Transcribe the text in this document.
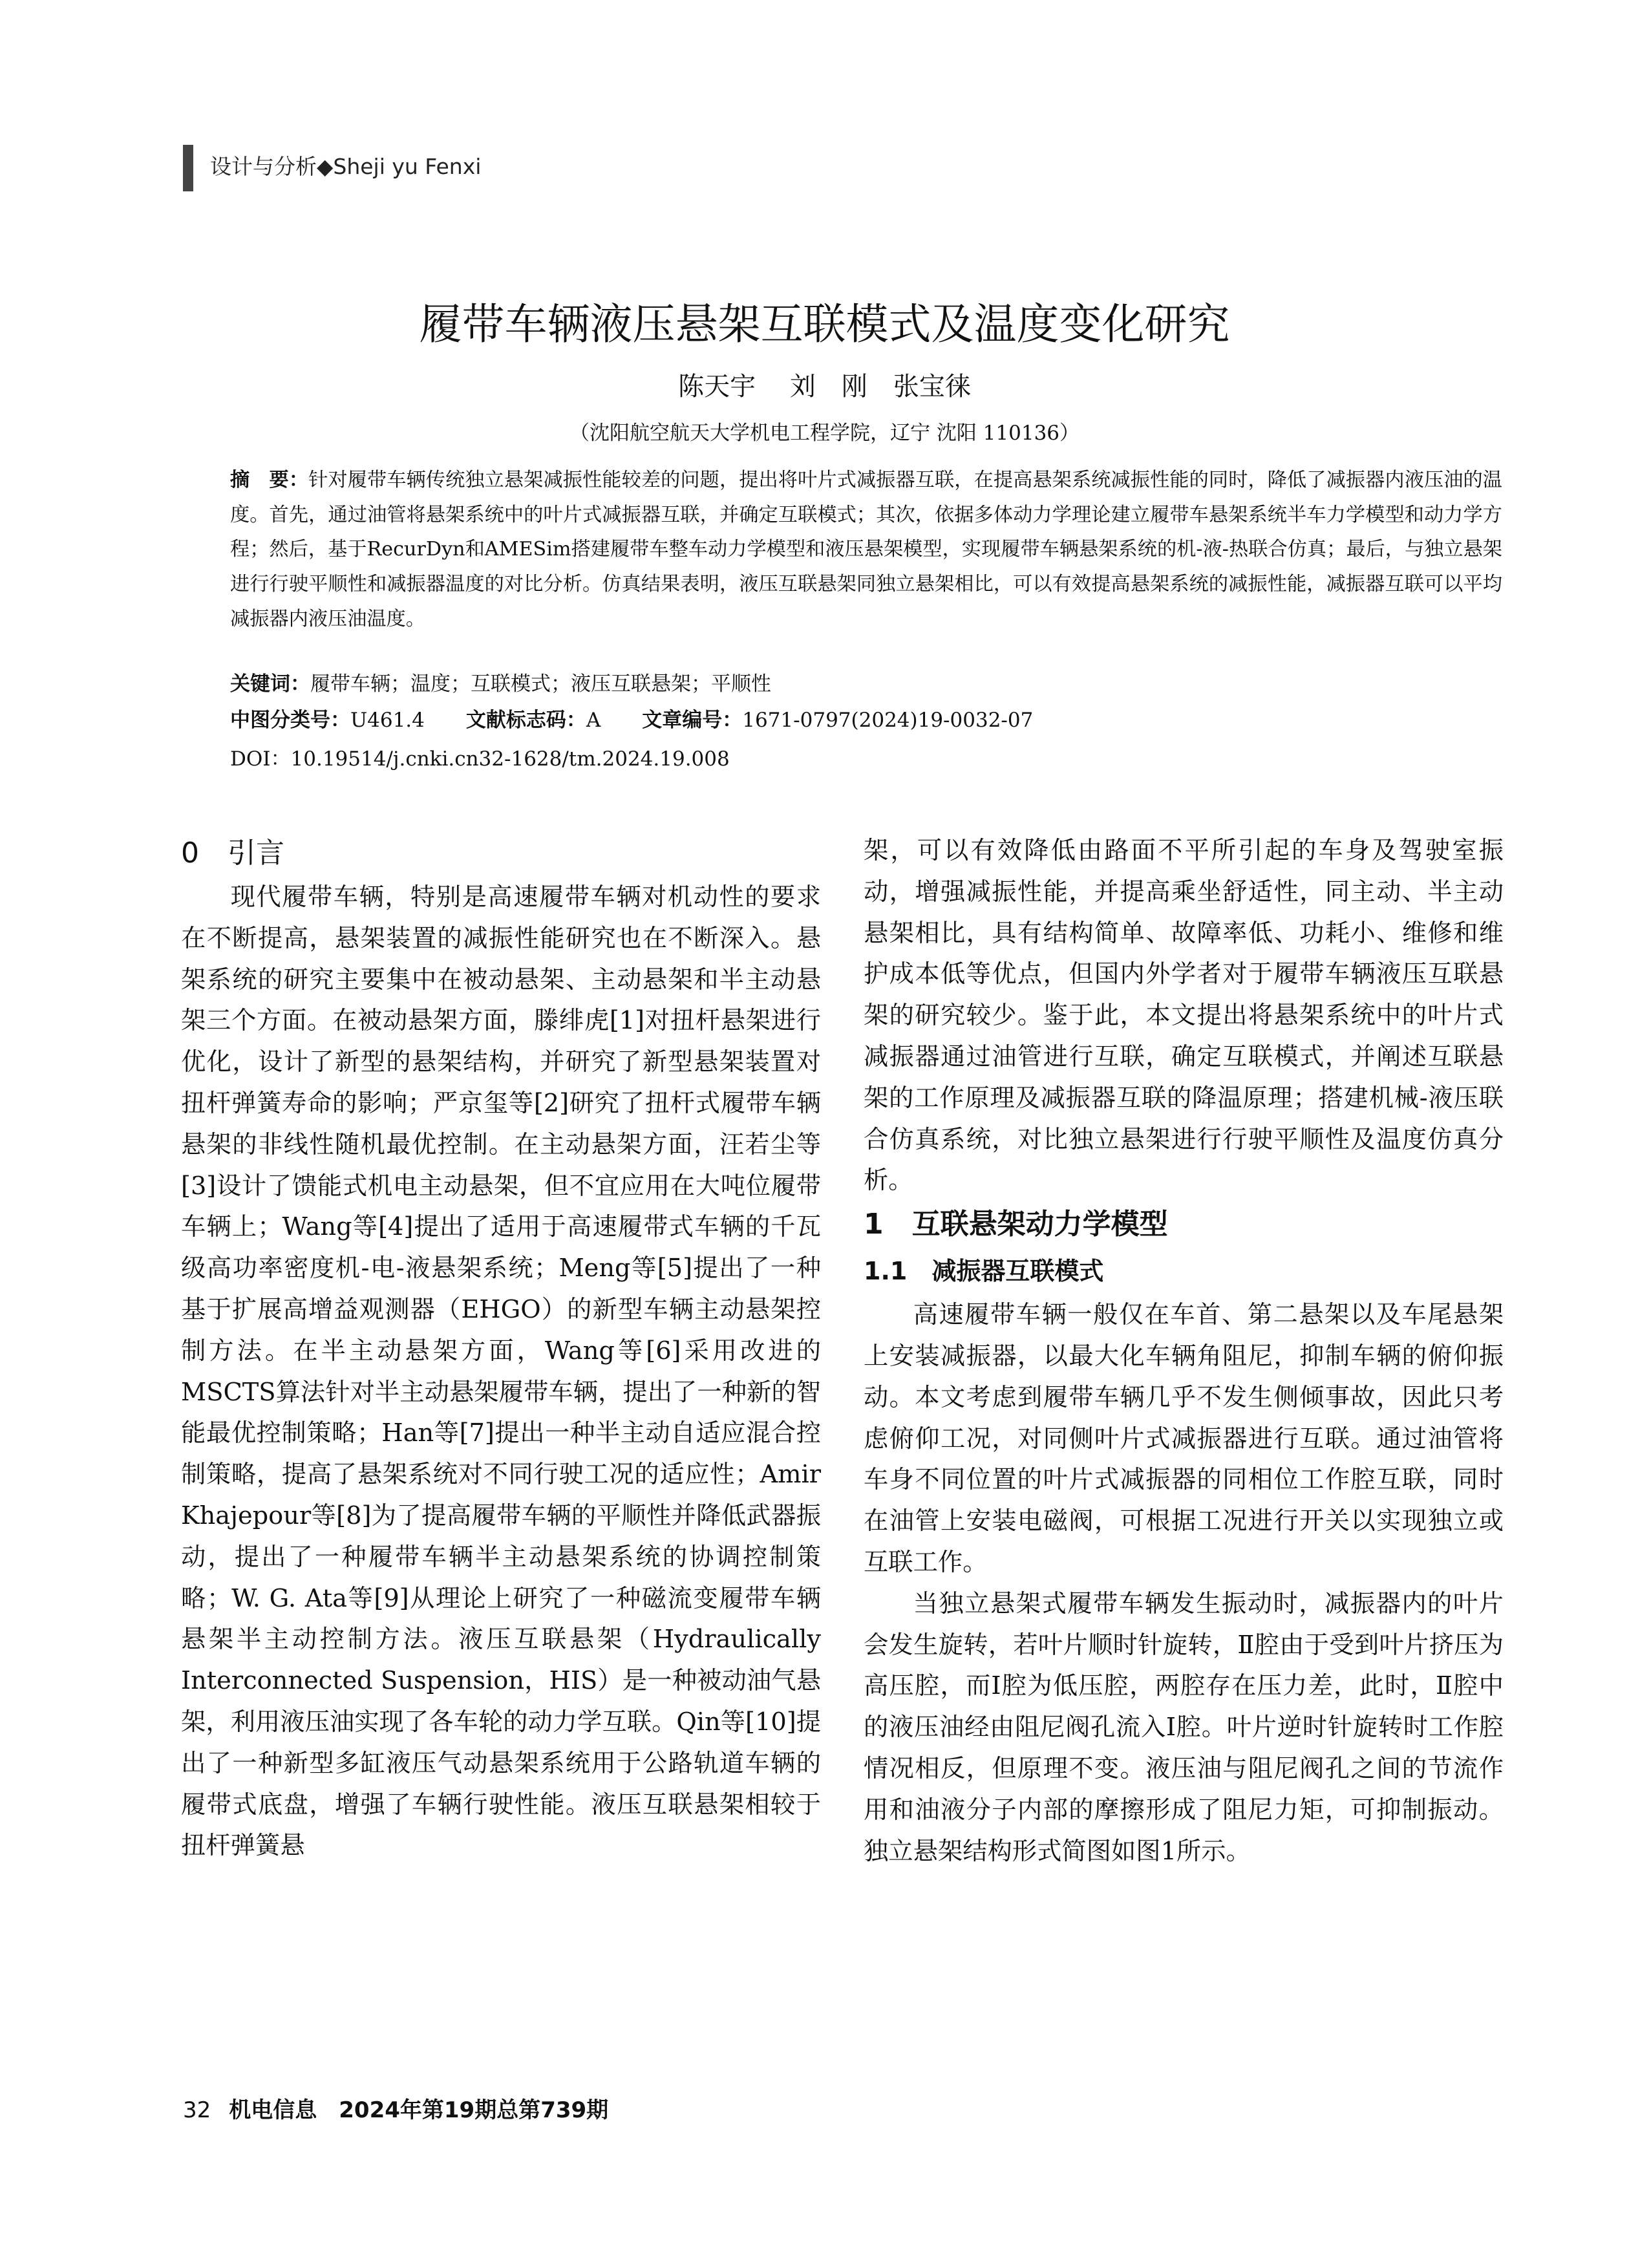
设计与分析◆Sheji yu Fenxi
履带车辆液压悬架互联模式及温度变化研究
陈天宇　 刘　刚　张宝徕
（沈阳航空航天大学机电工程学院，辽宁 沈阳 110136）
摘　要：针对履带车辆传统独立悬架减振性能较差的问题，提出将叶片式减振器互联，在提高悬架系统减振性能的同时，降低了减振器内液压油的温度。首先，通过油管将悬架系统中的叶片式减振器互联，并确定互联模式；其次，依据多体动力学理论建立履带车悬架系统半车力学模型和动力学方程；然后，基于RecurDyn和AMESim搭建履带车整车动力学模型和液压悬架模型，实现履带车辆悬架系统的机-液-热联合仿真；最后，与独立悬架进行行驶平顺性和减振器温度的对比分析。仿真结果表明，液压互联悬架同独立悬架相比，可以有效提高悬架系统的减振性能，减振器互联可以平均减振器内液压油温度。
关键词：履带车辆；温度；互联模式；液压互联悬架；平顺性
中图分类号：U461.4 文献标志码：A 文章编号：1671-0797(2024)19-0032-07
DOI：10.19514/j.cnki.cn32-1628/tm.2024.19.008
0　引言

现代履带车辆，特别是高速履带车辆对机动性的要求在不断提高，悬架装置的减振性能研究也在不断深入。悬架系统的研究主要集中在被动悬架、主动悬架和半主动悬架三个方面。在被动悬架方面，滕绯虎[1]对扭杆悬架进行优化，设计了新型的悬架结构，并研究了新型悬架装置对扭杆弹簧寿命的影响；严京玺等[2]研究了扭杆式履带车辆悬架的非线性随机最优控制。在主动悬架方面，汪若尘等[3]设计了馈能式机电主动悬架，但不宜应用在大吨位履带车辆上；Wang等[4]提出了适用于高速履带式车辆的千瓦级高功率密度机-电-液悬架系统；Meng等[5]提出了一种基于扩展高增益观测器（EHGO）的新型车辆主动悬架控制方法。在半主动悬架方面，Wang等[6]采用改进的MSCTS算法针对半主动悬架履带车辆，提出了一种新的智能最优控制策略；Han等[7]提出一种半主动自适应混合控制策略，提高了悬架系统对不同行驶工况的适应性；Amir Khajepour等[8]为了提高履带车辆的平顺性并降低武器振动，提出了一种履带车辆半主动悬架系统的协调控制策略；W. G. Ata等[9]从理论上研究了一种磁流变履带车辆悬架半主动控制方法。液压互联悬架（Hydraulically Interconnected Suspension，HIS）是一种被动油气悬架，利用液压油实现了各车轮的动力学互联。Qin等[10]提出了一种新型多缸液压气动悬架系统用于公路轨道车辆的履带式底盘，增强了车辆行驶性能。液压互联悬架相较于扭杆弹簧悬

架，可以有效降低由路面不平所引起的车身及驾驶室振动，增强减振性能，并提高乘坐舒适性，同主动、半主动悬架相比，具有结构简单、故障率低、功耗小、维修和维护成本低等优点，但国内外学者对于履带车辆液压互联悬架的研究较少。鉴于此，本文提出将悬架系统中的叶片式减振器通过油管进行互联，确定互联模式，并阐述互联悬架的工作原理及减振器互联的降温原理；搭建机械-液压联合仿真系统，对比独立悬架进行行驶平顺性及温度仿真分析。

1　互联悬架动力学模型
1.1　减振器互联模式

高速履带车辆一般仅在车首、第二悬架以及车尾悬架上安装减振器，以最大化车辆角阻尼，抑制车辆的俯仰振动。本文考虑到履带车辆几乎不发生侧倾事故，因此只考虑俯仰工况，对同侧叶片式减振器进行互联。通过油管将车身不同位置的叶片式减振器的同相位工作腔互联，同时在油管上安装电磁阀，可根据工况进行开关以实现独立或互联工作。

当独立悬架式履带车辆发生振动时，减振器内的叶片会发生旋转，若叶片顺时针旋转，Ⅱ腔由于受到叶片挤压为高压腔，而Ⅰ腔为低压腔，两腔存在压力差，此时，Ⅱ腔中的液压油经由阻尼阀孔流入Ⅰ腔。叶片逆时针旋转时工作腔情况相反，但原理不变。液压油与阻尼阀孔之间的节流作用和油液分子内部的摩擦形成了阻尼力矩，可抑制振动。独立悬架结构形式简图如图1所示。

32 机电信息　2024年第19期总第739期
